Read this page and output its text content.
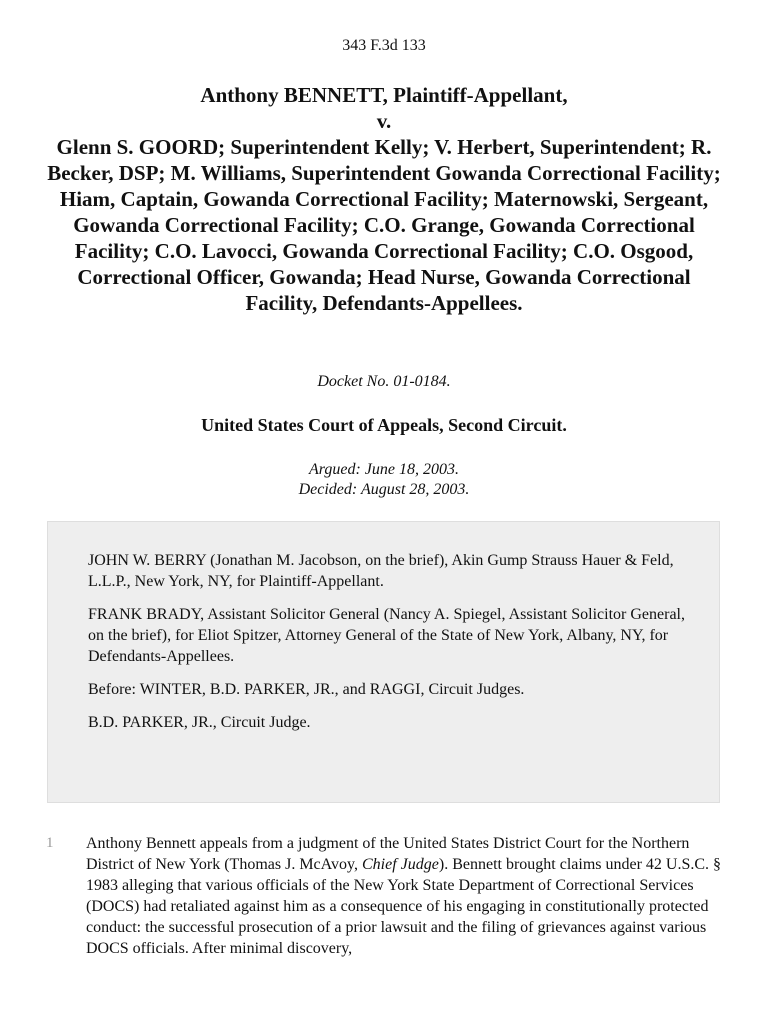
343 F.3d 133

Anthony BENNETT, Plaintiff-Appellant,

v.

Glenn S. GOORD; Superintendent Kelly; V. Herbert, Superintendent; R. Becker, DSP; M. Williams, Superintendent Gowanda Correctional Facility; Hiam, Captain, Gowanda Correctional Facility; Maternowski, Sergeant, Gowanda Correctional Facility; C.O. Grange, Gowanda Correctional Facility; C.O. Lavocci, Gowanda Correctional Facility; C.O. Osgood, Correctional Officer, Gowanda; Head Nurse, Gowanda Correctional Facility, Defendants-Appellees.

Docket No. 01-0184.
United States Court of Appeals, Second Circuit.
Argued: June 18, 2003.
Decided: August 28, 2003.

JOHN W. BERRY (Jonathan M. Jacobson, on the brief), Akin Gump Strauss Hauer & Feld, L.L.P., New York, NY, for Plaintiff-Appellant.

FRANK BRADY, Assistant Solicitor General (Nancy A. Spiegel, Assistant Solicitor General, on the brief), for Eliot Spitzer, Attorney General of the State of New York, Albany, NY, for Defendants-Appellees.

Before: WINTER, B.D. PARKER, JR., and RAGGI, Circuit Judges.

B.D. PARKER, JR., Circuit Judge.

1 Anthony Bennett appeals from a judgment of the United States District Court for the Northern District of New York (Thomas J. McAvoy, Chief Judge). Bennett brought claims under 42 U.S.C. § 1983 alleging that various officials of the New York State Department of Correctional Services (DOCS) had retaliated against him as a consequence of his engaging in constitutionally protected conduct: the successful prosecution of a prior lawsuit and the filing of grievances against various DOCS officials. After minimal discovery,
